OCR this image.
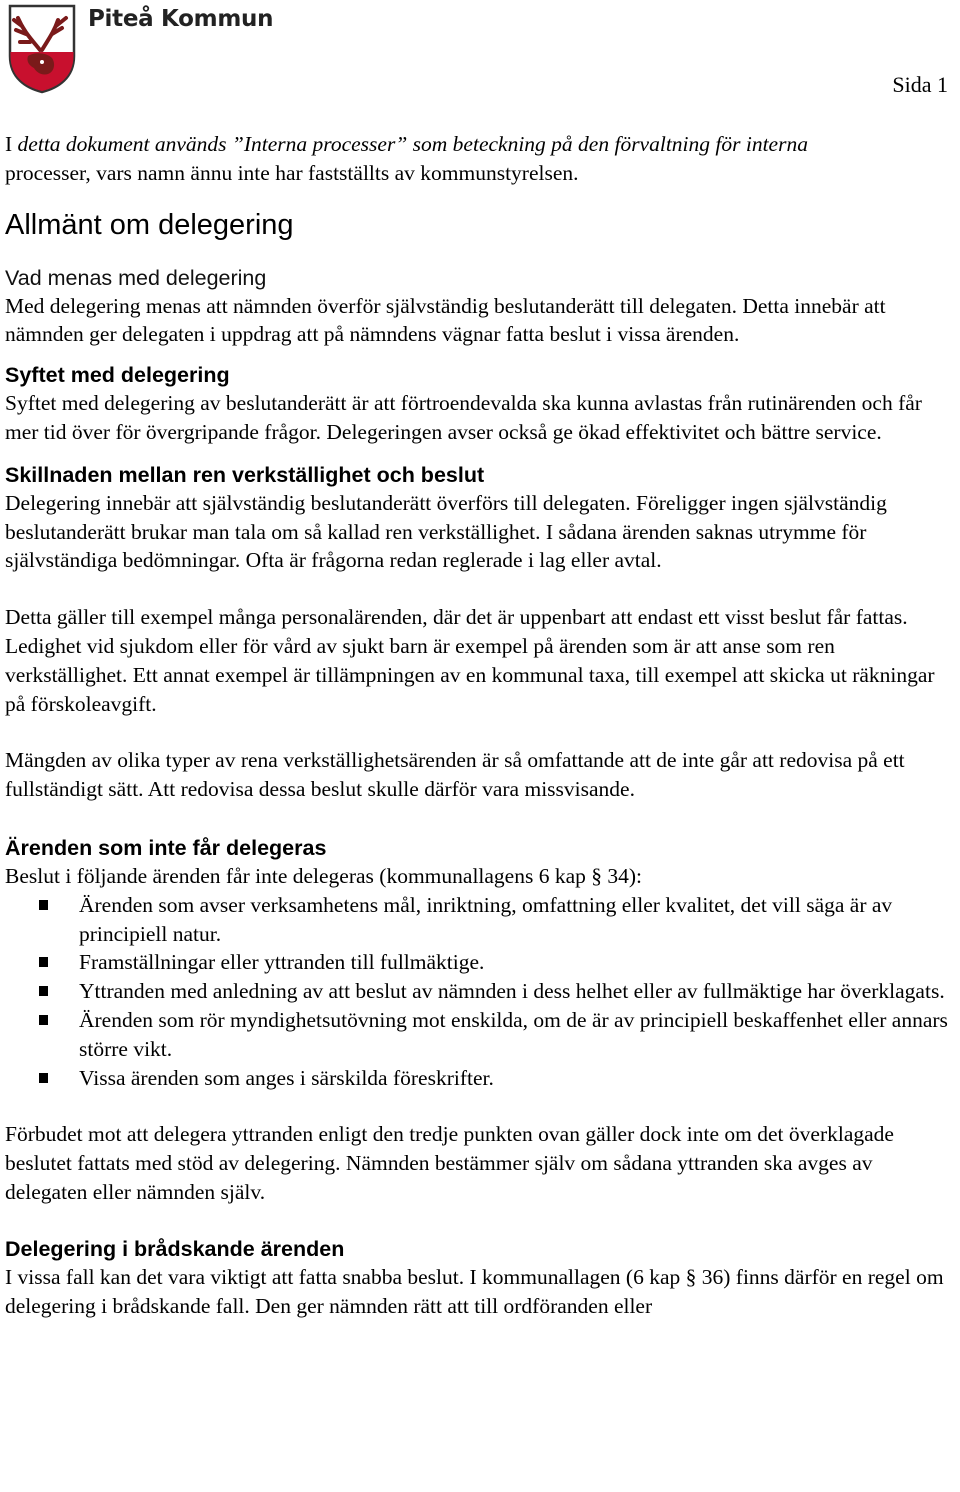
Piteå Kommun
Sida 1

I detta dokument används ”Interna processer” som beteckning på den förvaltning för interna
processer, vars namn ännu inte har fastställts av kommunstyrelsen.

Allmänt om delegering
Vad menas med delegering

Med delegering menas att nämnden överför självständig beslutanderätt till delegaten. Detta innebär att nämnden ger delegaten i uppdrag att på nämndens vägnar fatta beslut i vissa ärenden.

Syftet med delegering

Syftet med delegering av beslutanderätt är att förtroendevalda ska kunna avlastas från rutinärenden och får mer tid över för övergripande frågor. Delegeringen avser också ge ökad effektivitet och bättre service.

Skillnaden mellan ren verkställighet och beslut

Delegering innebär att självständig beslutanderätt överförs till delegaten. Föreligger ingen självständig beslutanderätt brukar man tala om så kallad ren verkställighet. I sådana ärenden saknas utrymme för självständiga bedömningar. Ofta är frågorna redan reglerade i lag eller avtal.

Detta gäller till exempel många personalärenden, där det är uppenbart att endast ett visst beslut får fattas. Ledighet vid sjukdom eller för vård av sjukt barn är exempel på ärenden som är att anse som ren verkställighet. Ett annat exempel är tillämpningen av en kommunal taxa, till exempel att skicka ut räkningar på förskoleavgift.

Mängden av olika typer av rena verkställighetsärenden är så omfattande att de inte går att redovisa på ett fullständigt sätt. Att redovisa dessa beslut skulle därför vara missvisande.

Ärenden som inte får delegeras

Beslut i följande ärenden får inte delegeras (kommunallagens 6 kap § 34):

Ärenden som avser verksamhetens mål, inriktning, omfattning eller kvalitet, det vill säga är av principiell natur.
Framställningar eller yttranden till fullmäktige.
Yttranden med anledning av att beslut av nämnden i dess helhet eller av fullmäktige har överklagats.
Ärenden som rör myndighetsutövning mot enskilda, om de är av principiell beskaffenhet eller annars större vikt.
Vissa ärenden som anges i särskilda föreskrifter.

Förbudet mot att delegera yttranden enligt den tredje punkten ovan gäller dock inte om det överklagade beslutet fattats med stöd av delegering. Nämnden bestämmer själv om sådana yttranden ska avges av delegaten eller nämnden själv.

Delegering i brådskande ärenden

I vissa fall kan det vara viktigt att fatta snabba beslut. I kommunallagen (6 kap § 36) finns därför en regel om delegering i brådskande fall. Den ger nämnden rätt att till ordföranden eller
